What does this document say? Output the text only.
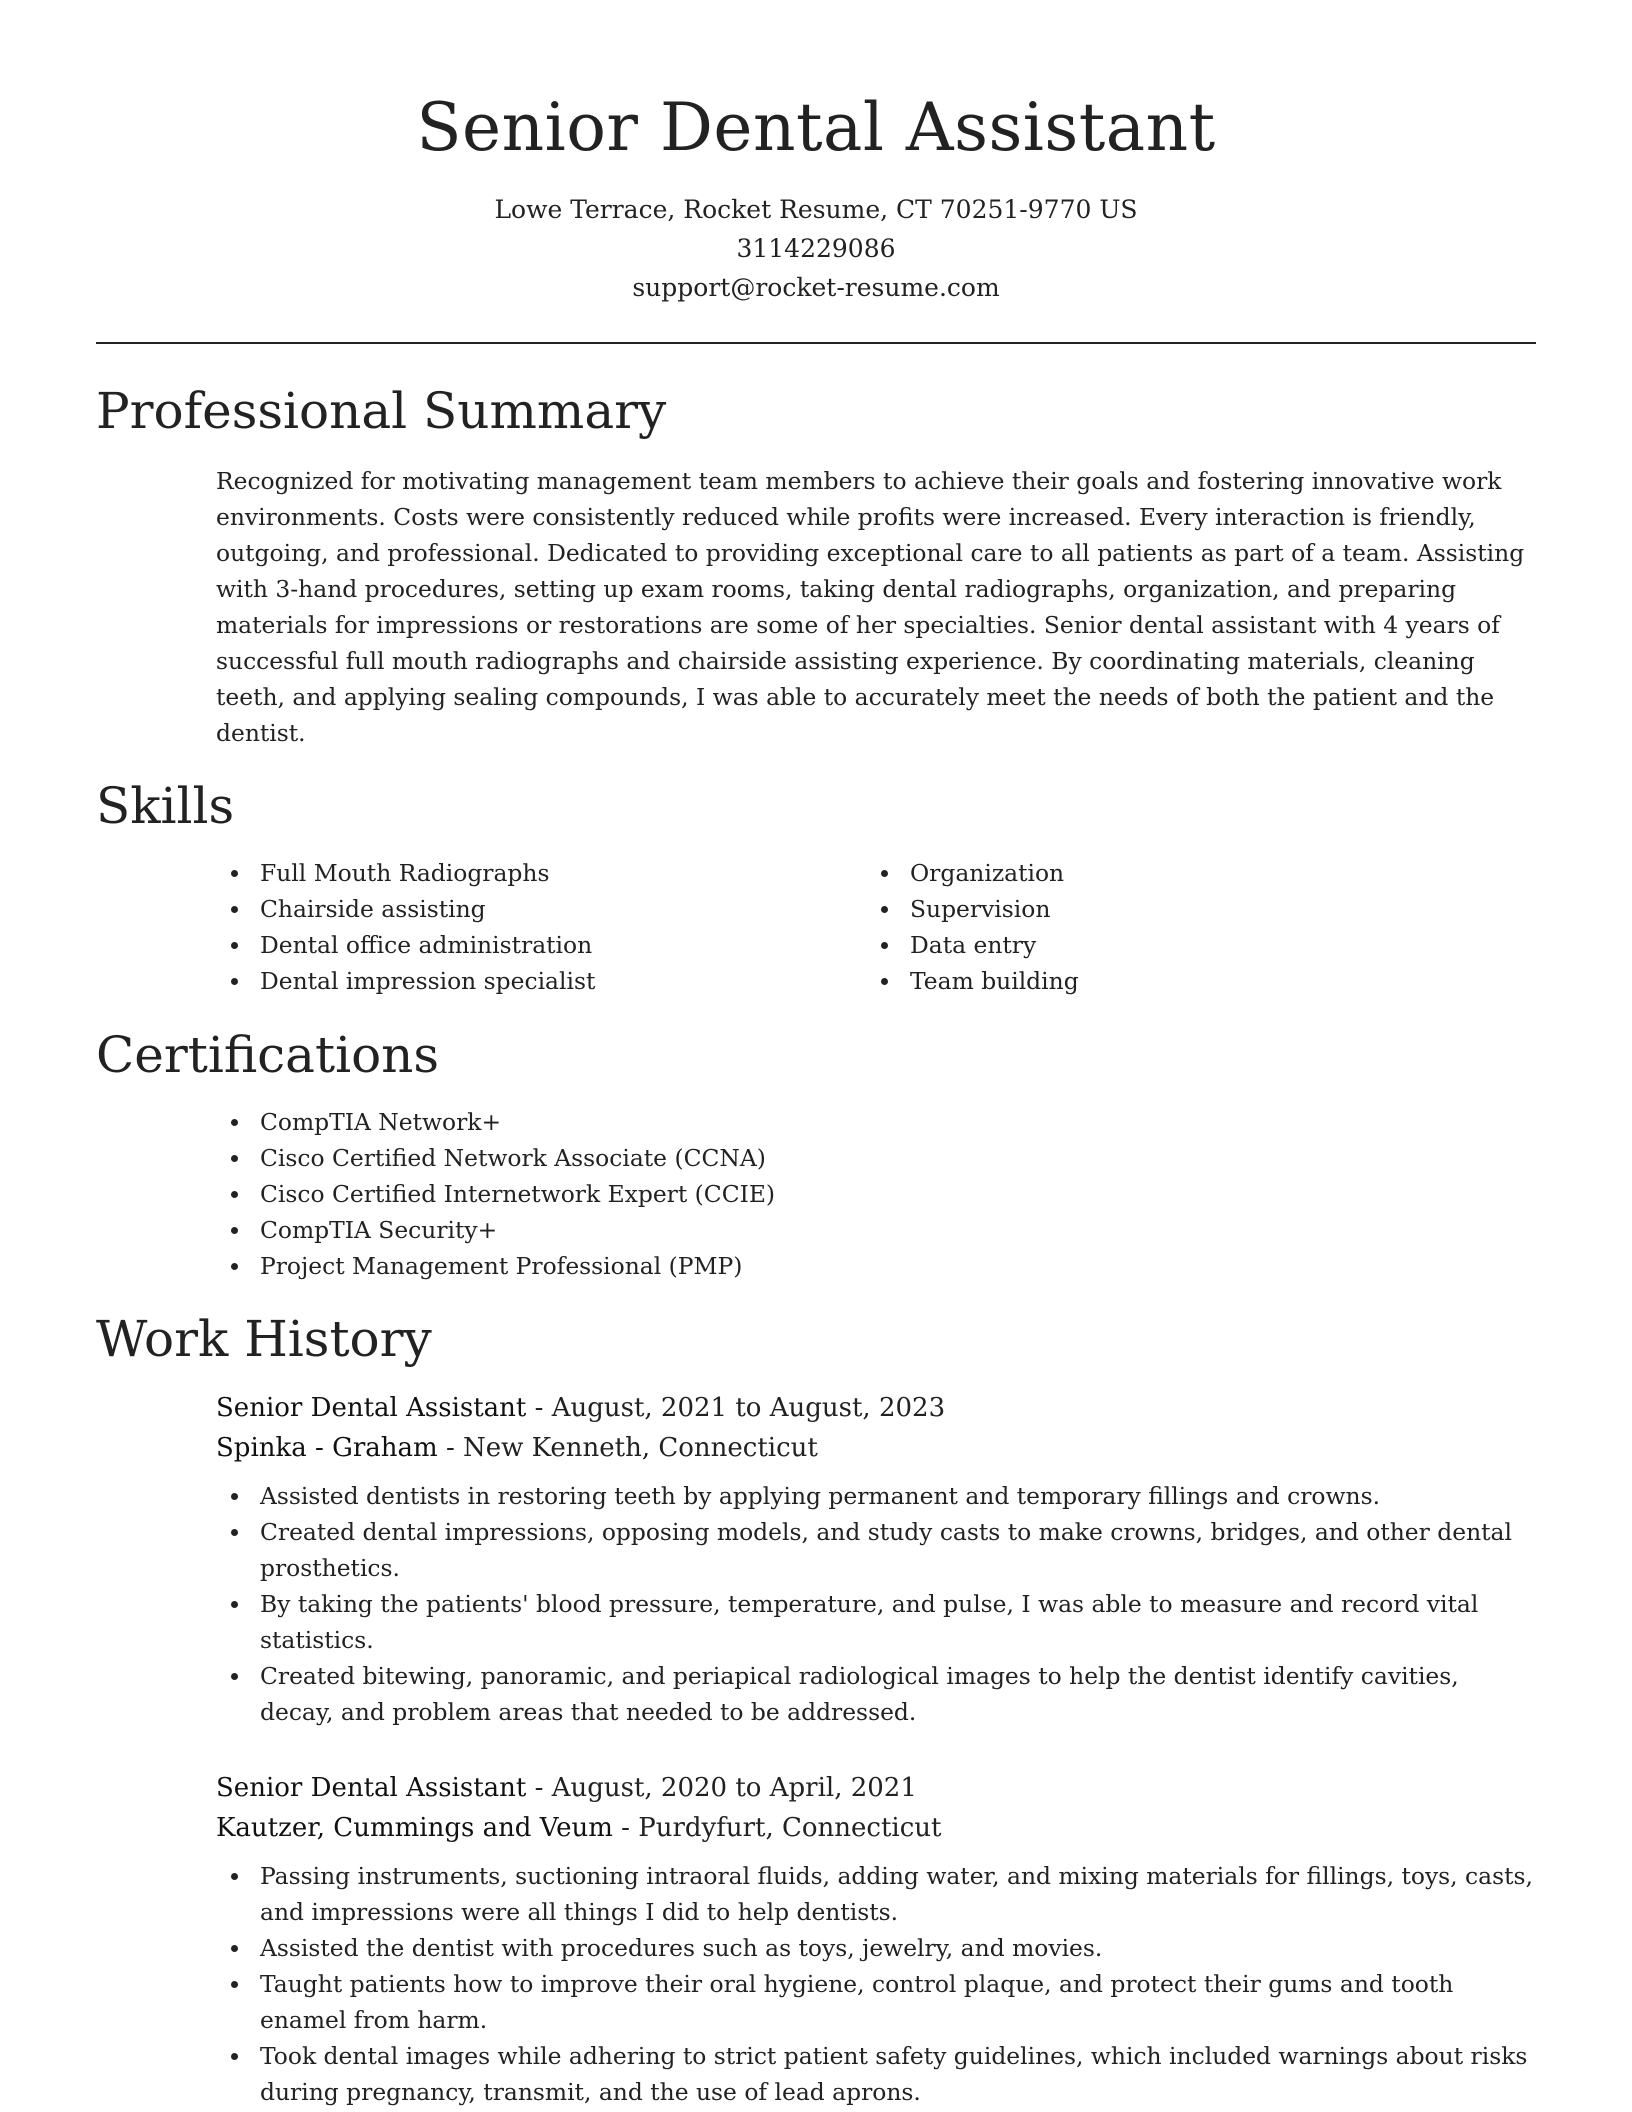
Senior Dental Assistant

Lowe Terrace, Rocket Resume, CT 70251-9770 US

3114229086

support@rocket-resume.com

Professional Summary

Recognized for motivating management team members to achieve their goals and fostering innovative work environments. Costs were consistently reduced while profits were increased. Every interaction is friendly, outgoing, and professional. Dedicated to providing exceptional care to all patients as part of a team. Assisting with 3-hand procedures, setting up exam rooms, taking dental radiographs, organization, and preparing materials for impressions or restorations are some of her specialties. Senior dental assistant with 4 years of successful full mouth radiographs and chairside assisting experience. By coordinating materials, cleaning teeth, and applying sealing compounds, I was able to accurately meet the needs of both the patient and the dentist.

Skills
Full Mouth Radiographs
Chairside assisting
Dental office administration
Dental impression specialist
Organization
Supervision
Data entry
Team building
Certifications
CompTIA Network+
Cisco Certified Network Associate (CCNA)
Cisco Certified Internetwork Expert (CCIE)
CompTIA Security+
Project Management Professional (PMP)
Work History

Senior Dental Assistant - August, 2021 to August, 2023

Spinka - Graham - New Kenneth, Connecticut

Assisted dentists in restoring teeth by applying permanent and temporary fillings and crowns.
Created dental impressions, opposing models, and study casts to make crowns, bridges, and other dental prosthetics.
By taking the patients' blood pressure, temperature, and pulse, I was able to measure and record vital statistics.
Created bitewing, panoramic, and periapical radiological images to help the dentist identify cavities, decay, and problem areas that needed to be addressed.

Senior Dental Assistant - August, 2020 to April, 2021

Kautzer, Cummings and Veum - Purdyfurt, Connecticut

Passing instruments, suctioning intraoral fluids, adding water, and mixing materials for fillings, toys, casts, and impressions were all things I did to help dentists.
Assisted the dentist with procedures such as toys, jewelry, and movies.
Taught patients how to improve their oral hygiene, control plaque, and protect their gums and tooth enamel from harm.
Took dental images while adhering to strict patient safety guidelines, which included warnings about risks during pregnancy, transmit, and the use of lead aprons.
